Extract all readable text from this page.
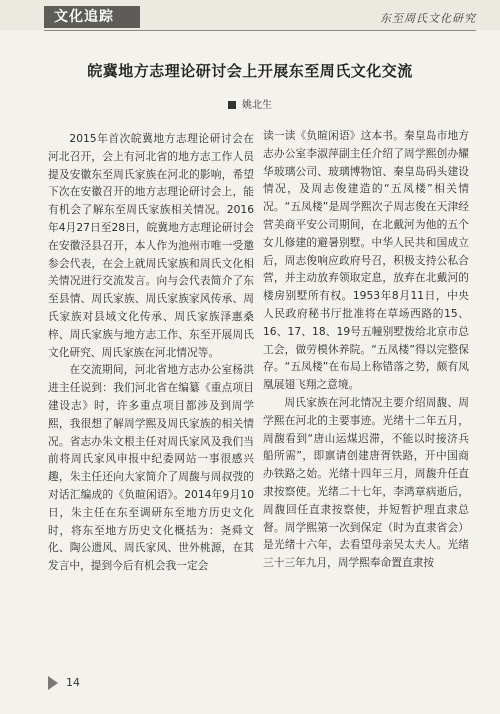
文化追踪	东至周氏文化研究
皖冀地方志理论研讨会上开展东至周氏文化交流
姚北生

2015年首次皖冀地方志理论研讨会在河北召开，会上有河北省的地方志工作人员提及安徽东至周氏家族在河北的影响，希望下次在安徽召开的地方志理论研讨会上，能有机会了解东至周氏家族相关情况。2016年4月27日至28日，皖冀地方志理论研讨会在安徽泾县召开，本人作为池州市唯一受邀参会代表，在会上就周氏家族和周氏文化相关情况进行交流发言。向与会代表简介了东至县情、周氏家族、周氏家族家风传承、周氏家族对县域文化传承、周氏家族泽惠桑梓、周氏家族与地方志工作、东至开展周氏文化研究、周氏家族在河北情况等。

在交流期间，河北省地方志办公室杨洪进主任说到：我们河北省在编纂《重点项目建设志》时，许多重点项目都涉及到周学熙，我很想了解周学熙及周氏家族的相关情况。省志办朱文根主任对周氏家风及我们当前将周氏家风申报中纪委网站一事很感兴趣，朱主任还向大家简介了周馥与周叔弢的对话汇编成的《负暄闲语》。2014年9月10日，朱主任在东至调研东至地方历史文化时，将东至地方历史文化概括为：尧舜文化、陶公遗风、周氏家风、世外桃源，在其发言中，提到今后有机会我一定会

读一读《负暄闲语》这本书。秦皇岛市地方志办公室李淑萍副主任介绍了周学熙创办耀华玻璃公司、玻璃博物馆、秦皇岛码头建设情况，及周志俊建造的“五凤楼”相关情况。“五凤楼”是周学熙次子周志俊在天津经营美商平安公司期间，在北戴河为他的五个女儿修建的避暑别墅。中华人民共和国成立后，周志俊响应政府号召，积极支持公私合营，并主动放弃领取定息，放弃在北戴河的楼房别墅所有权。1953年8月11日，中央人民政府秘书厅批准将在草场西路的15、16、17、18、19号五幢别墅拨给北京市总工会，做劳模休养院。“五凤楼”得以完整保存。“五凤楼”在布局上称错落之势，颇有凤凰展翅飞翔之意境。

周氏家族在河北情况主要介绍周馥、周学熙在河北的主要事迹。光绪十二年五月，周馥看到“唐山运煤迟滞，不能以时接济兵船所需”，即禀请创建唐胥铁路，开中国商办铁路之始。光绪十四年三月，周馥升任直隶按察使。光绪二十七年，李鸿章病逝后，周馥回任直隶按察使，并短暂护理直隶总督。周学熙第一次到保定（时为直隶省会）是光绪十六年，去看望母亲吴太夫人。光绪三十三年九月，周学熙奉命置直隶按

14
